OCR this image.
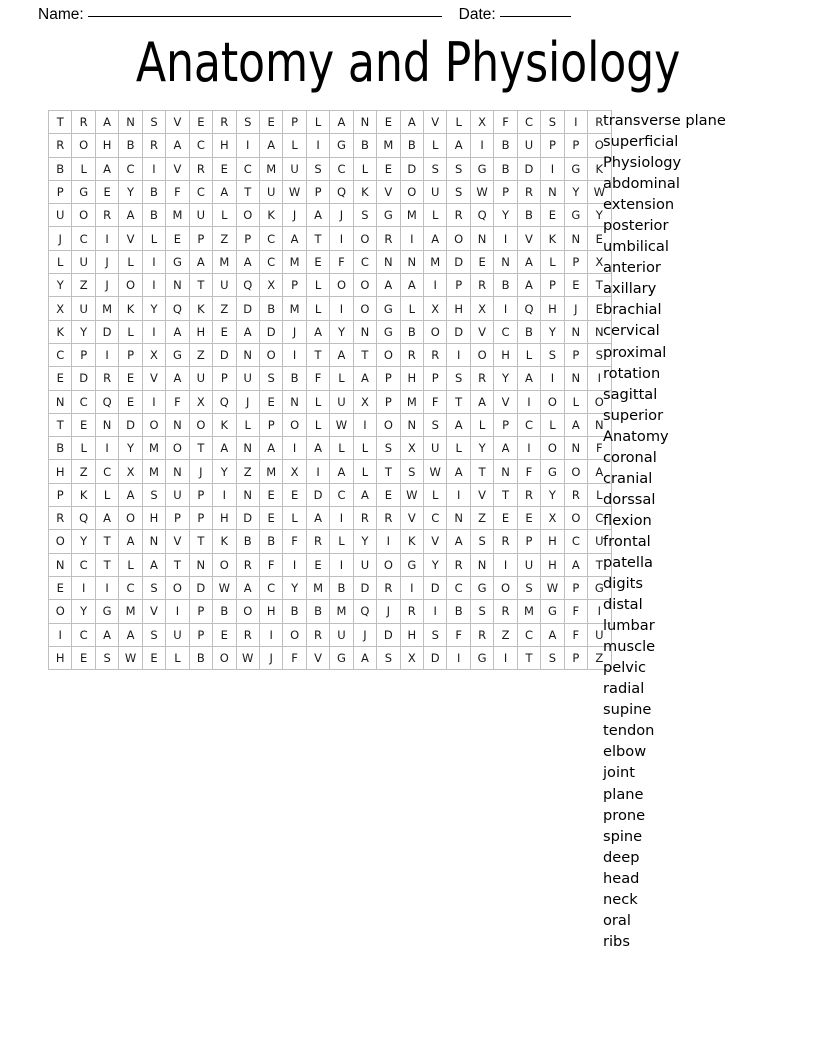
Name:	Date:
Anatomy and Physiology
T	R	A	N	S	V	E	R	S	E	P	L	A	N	E	A	V	L	X	F	C	S	I	R
R	O	H	B	R	A	C	H	I	A	L	I	G	B	M	B	L	A	I	B	U	P	P	O
B	L	A	C	I	V	R	E	C	M	U	S	C	L	E	D	S	S	G	B	D	I	G	K
P	G	E	Y	B	F	C	A	T	U	W	P	Q	K	V	O	U	S	W	P	R	N	Y	W
U	O	R	A	B	M	U	L	O	K	J	A	J	S	G	M	L	R	Q	Y	B	E	G	Y
J	C	I	V	L	E	P	Z	P	C	A	T	I	O	R	I	A	O	N	I	V	K	N	E
L	U	J	L	I	G	A	M	A	C	M	E	F	C	N	N	M	D	E	N	A	L	P	X
Y	Z	J	O	I	N	T	U	Q	X	P	L	O	O	A	A	I	P	R	B	A	P	E	T
X	U	M	K	Y	Q	K	Z	D	B	M	L	I	O	G	L	X	H	X	I	Q	H	J	E
K	Y	D	L	I	A	H	E	A	D	J	A	Y	N	G	B	O	D	V	C	B	Y	N	N
C	P	I	P	X	G	Z	D	N	O	I	T	A	T	O	R	R	I	O	H	L	S	P	S
E	D	R	E	V	A	U	P	U	S	B	F	L	A	P	H	P	S	R	Y	A	I	N	I
N	C	Q	E	I	F	X	Q	J	E	N	L	U	X	P	M	F	T	A	V	I	O	L	O
T	E	N	D	O	N	O	K	L	P	O	L	W	I	O	N	S	A	L	P	C	L	A	N
B	L	I	Y	M	O	T	A	N	A	I	A	L	L	S	X	U	L	Y	A	I	O	N	F
H	Z	C	X	M	N	J	Y	Z	M	X	I	A	L	T	S	W	A	T	N	F	G	O	A
P	K	L	A	S	U	P	I	N	E	E	D	C	A	E	W	L	I	V	T	R	Y	R	L
R	Q	A	O	H	P	P	H	D	E	L	A	I	R	R	V	C	N	Z	E	E	X	O	C
O	Y	T	A	N	V	T	K	B	B	F	R	L	Y	I	K	V	A	S	R	P	H	C	U
N	C	T	L	A	T	N	O	R	F	I	E	I	U	O	G	Y	R	N	I	U	H	A	T
E	I	I	C	S	O	D	W	A	C	Y	M	B	D	R	I	D	C	G	O	S	W	P	G
O	Y	G	M	V	I	P	B	O	H	B	B	M	Q	J	R	I	B	S	R	M	G	F	I
I	C	A	A	S	U	P	E	R	I	O	R	U	J	D	H	S	F	R	Z	C	A	F	U
H	E	S	W	E	L	B	O	W	J	F	V	G	A	S	X	D	I	G	I	T	S	P	Z
transverse plane
superficial
Physiology
abdominal
extension
posterior
umbilical
anterior
axillary
brachial
cervical
proximal
rotation
sagittal
superior
Anatomy
coronal
cranial
dorssal
flexion
frontal
patella
digits
distal
lumbar
muscle
pelvic
radial
supine
tendon
elbow
joint
plane
prone
spine
deep
head
neck
oral
ribs
